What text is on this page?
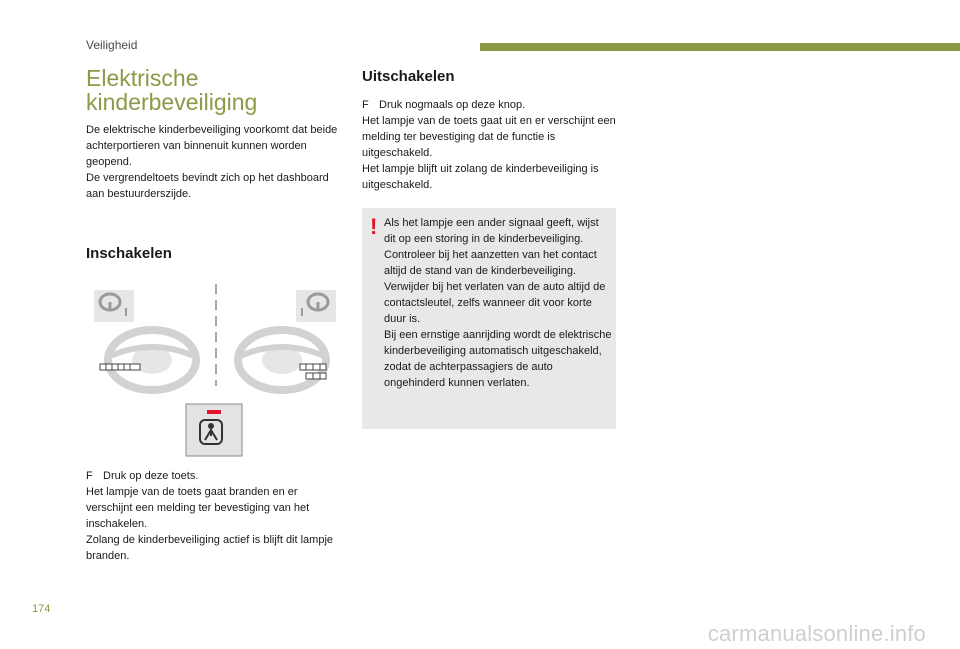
Veiligheid
Elektrische
kinderbeveiliging

De elektrische kinderbeveiliging voorkomt dat beide achterportieren van binnenuit kunnen worden geopend.

De vergrendeltoets bevindt zich op het dashboard aan bestuurderszijde.

Inschakelen

F Druk op deze toets.

Het lampje van de toets gaat branden en er verschijnt een melding ter bevestiging van het inschakelen.

Zolang de kinderbeveiliging actief is blijft dit lampje branden.

Uitschakelen

F Druk nogmaals op deze knop.

Het lampje van de toets gaat uit en er verschijnt een melding ter bevestiging dat de functie is uitgeschakeld.

Het lampje blijft uit zolang de kinderbeveiliging is uitgeschakeld.

! Als het lampje een ander signaal geeft, wijst dit op een storing in de kinderbeveiliging.

Controleer bij het aanzetten van het contact altijd de stand van de kinderbeveiliging.

Verwijder bij het verlaten van de auto altijd de contactsleutel, zelfs wanneer dit voor korte duur is.

Bij een ernstige aanrijding wordt de elektrische kinderbeveiliging automatisch uitgeschakeld, zodat de achterpassagiers de auto ongehinderd kunnen verlaten.

174
carmanualsonline.info
